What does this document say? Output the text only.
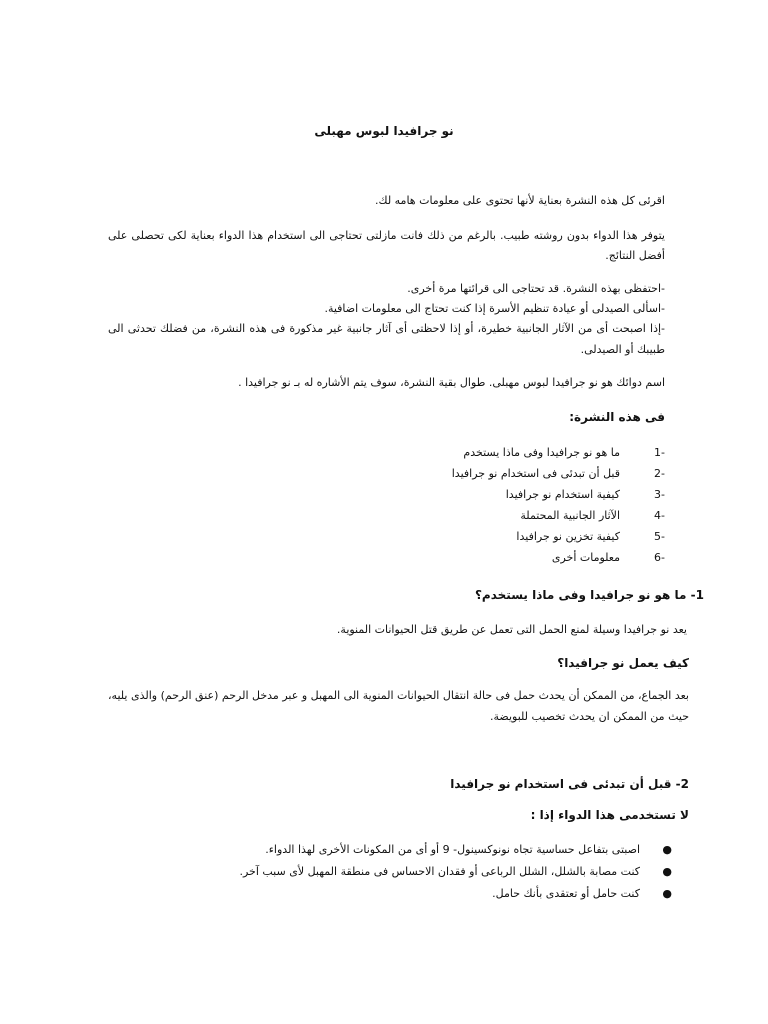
نو جرافيدا لبوس مهبلى
اقرئى كل هذه النشرة بعناية لأنها تحتوى على معلومات هامه لك.
يتوفر هذا الدواء بدون روشته طبيب. بالرغم من ذلك فانت مازلتى تحتاجى الى استخدام هذا الدواء بعناية لكى تحصلى على أفضل النتائج.
-احتفظى بهذه النشرة. قد تحتاجى الى قرائتها مرة أخرى.
-اسألى الصيدلى أو عيادة تنظيم الأسرة إذا كنت تحتاج الى معلومات اضافية.
-إذا اصبحت أى من الآثار الجانبية خطيرة، أو إذا لاحظتى أى آثار جانبية غير مذكورة فى هذه النشرة، من فضلك تحدثى الى طبيبك أو الصيدلى.
اسم دوائك هو نو جرافيدا لبوس مهبلى. طوال بقية النشرة، سوف يتم الأشاره له بـ نو جرافيدا .
فى هذه النشرة:
-1ما هو نو جرافيدا وفى ماذا يستخدم
-2قبل أن تبدئى فى استخدام نو جرافيدا
-3كيفية استخدام نو جرافيدا
-4الآثار الجانبية المحتملة
-5كيفية تخزين نو جرافيدا
-6معلومات أخرى
1- ما هو نو جرافيدا وفى ماذا يستخدم؟
يعد نو جرافيدا وسيلة لمنع الحمل التى تعمل عن طريق قتل الحيوانات المنوية.
كيف يعمل نو جرافيدا؟
بعد الجماع، من الممكن أن يحدث حمل فى حالة انتقال الحيوانات المنوية الى المهبل و عبر مدخل الرحم (عنق الرحم) والذى يليه، حيث من الممكن ان يحدث تخصيب للبويضة.
2- قبل أن تبدئى فى استخدام نو جرافيدا
لا تستخدمى هذا الدواء إذا :
●اصبتى بتفاعل حساسية تجاه نونوكسينول- 9 أو أى من المكونات الأخرى لهذا الدواء.
●كنت مصابة بالشلل، الشلل الرباعى أو فقدان الاحساس فى منطقة المهبل لأى سبب آخر.
●كنت حامل أو تعتقدى بأنك حامل.
